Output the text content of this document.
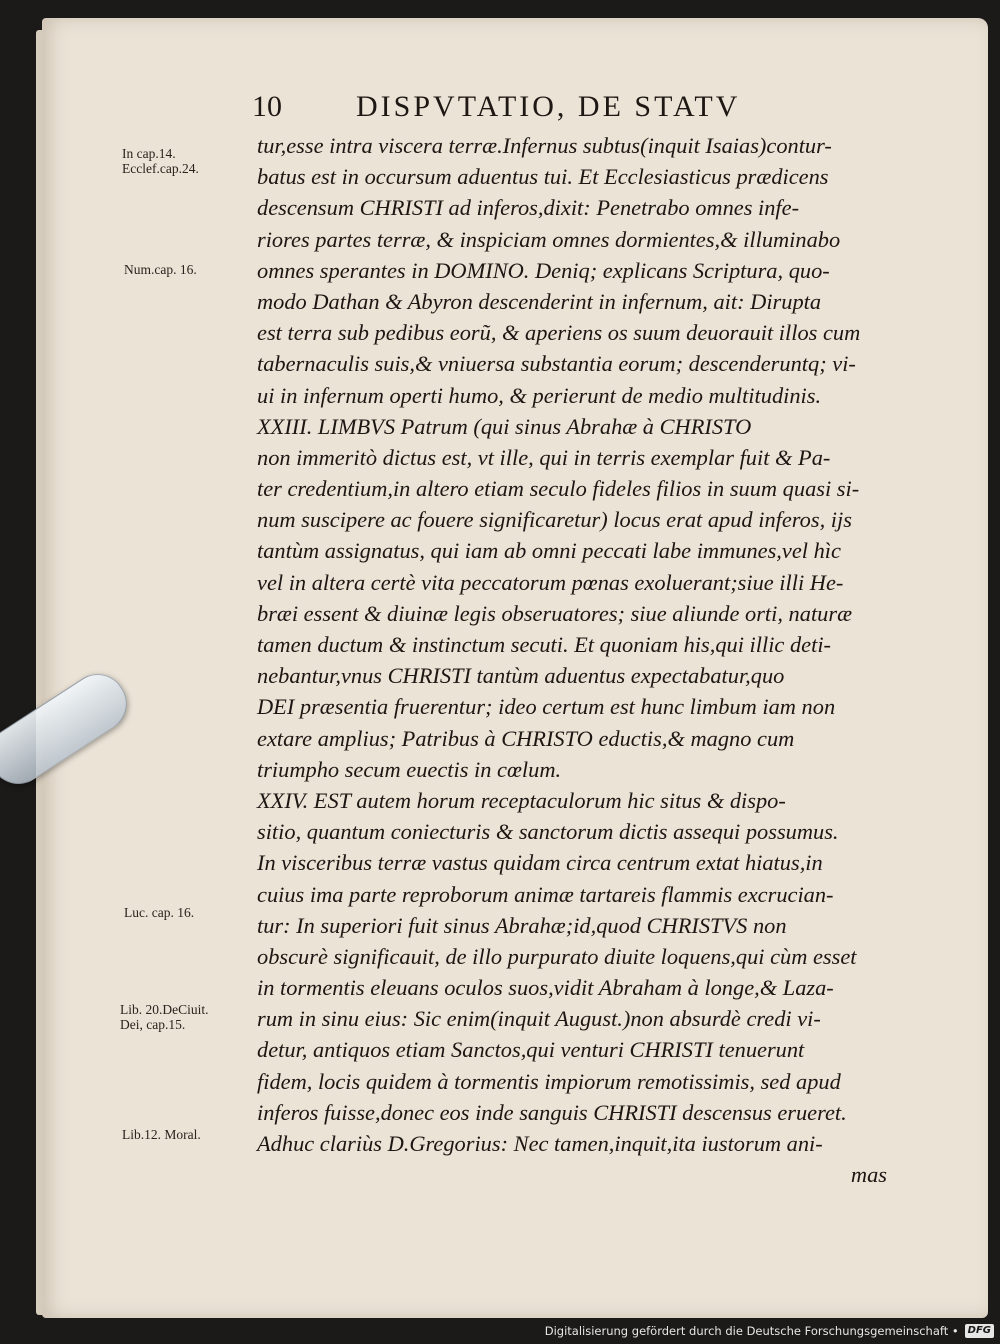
10 DISPVTATIO, DE STATV
In cap.14.
Ecclef.cap.24.
Num.cap. 16.
Luc. cap. 16.
Lib. 20.DeCiuit.
Dei, cap.15.
Lib.12. Moral.
tur,esse intra viscera terræ.Infernus subtus(inquit Isaias)contur-
batus est in occursum aduentus tui. Et Ecclesiasticus prædicens
descensum CHRISTI ad inferos,dixit: Penetrabo omnes infe-
riores partes terræ, & inspiciam omnes dormientes,& illuminabo
omnes sperantes in DOMINO. Deniq; explicans Scriptura, quo-
modo Dathan & Abyron descenderint in infernum, ait: Dirupta
est terra sub pedibus eorũ, & aperiens os suum deuorauit illos cum
tabernaculis suis,& vniuersa substantia eorum; descenderuntq; vi-
ui in infernum operti humo, & perierunt de medio multitudinis.
XXIII. LIMBVS Patrum (qui sinus Abrahæ à CHRISTO
non immeritò dictus est, vt ille, qui in terris exemplar fuit & Pa-
ter credentium,in altero etiam seculo fideles filios in suum quasi si-
num suscipere ac fouere significaretur) locus erat apud inferos, ijs
tantùm assignatus, qui iam ab omni peccati labe immunes,vel hìc
vel in altera certè vita peccatorum pœnas exoluerant;siue illi He-
bræi essent & diuinæ legis obseruatores; siue aliunde orti, naturæ
tamen ductum & instinctum secuti. Et quoniam his,qui illic deti-
nebantur,vnus CHRISTI tantùm aduentus expectabatur,quo
DEI præsentia fruerentur; ideo certum est hunc limbum iam non
extare amplius; Patribus à CHRISTO eductis,& magno cum
triumpho secum euectis in cœlum.
XXIV. EST autem horum receptaculorum hic situs & dispo-
sitio, quantum coniecturis & sanctorum dictis assequi possumus.
In visceribus terræ vastus quidam circa centrum extat hiatus,in
cuius ima parte reproborum animæ tartareis flammis excrucian-
tur: In superiori fuit sinus Abrahæ;id,quod CHRISTVS non
obscurè significauit, de illo purpurato diuite loquens,qui cùm esset
in tormentis eleuans oculos suos,vidit Abraham à longe,& Laza-
rum in sinu eius: Sic enim(inquit August.)non absurdè credi vi-
detur, antiquos etiam Sanctos,qui venturi CHRISTI tenuerunt
fidem, locis quidem à tormentis impiorum remotissimis, sed apud
inferos fuisse,donec eos inde sanguis CHRISTI descensus erueret.
Adhuc clariùs D.Gregorius: Nec tamen,inquit,ita iustorum ani-
mas
Digitalisierung gefördert durch die Deutsche Forschungsgemeinschaft • DFG
